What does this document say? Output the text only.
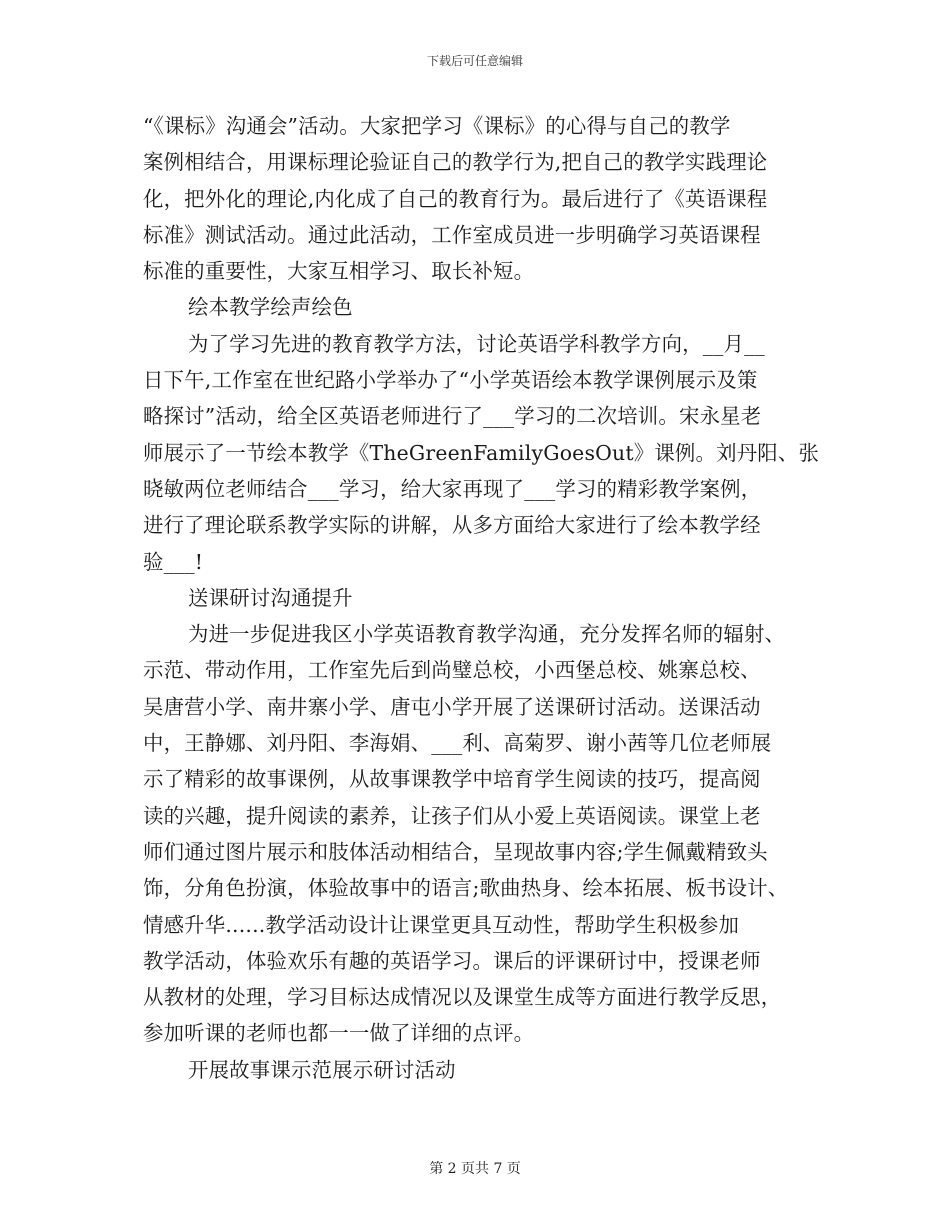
下载后可任意编辑
“《课标》沟通会”活动。大家把学习《课标》的心得与自己的教学
案例相结合，用课标理论验证自己的教学行为,把自己的教学实践理论
化，把外化的理论,内化成了自己的教育行为。最后进行了《英语课程
标准》测试活动。通过此活动，工作室成员进一步明确学习英语课程
标准的重要性，大家互相学习、取长补短。
绘本教学绘声绘色
为了学习先进的教育教学方法，讨论英语学科教学方向，__月__
日下午,工作室在世纪路小学举办了“小学英语绘本教学课例展示及策
略探讨”活动，给全区英语老师进行了___学习的二次培训。宋永星老
师展示了一节绘本教学《TheGreenFamilyGoesOut》课例。刘丹阳、张
晓敏两位老师结合___学习，给大家再现了___学习的精彩教学案例，
进行了理论联系教学实际的讲解，从多方面给大家进行了绘本教学经
验___!
送课研讨沟通提升
为进一步促进我区小学英语教育教学沟通，充分发挥名师的辐射、
示范、带动作用，工作室先后到尚璧总校，小西堡总校、姚寨总校、
吴唐营小学、南井寨小学、唐屯小学开展了送课研讨活动。送课活动
中，王静娜、刘丹阳、李海娟、___利、高菊罗、谢小茜等几位老师展
示了精彩的故事课例，从故事课教学中培育学生阅读的技巧，提高阅
读的兴趣，提升阅读的素养，让孩子们从小爱上英语阅读。课堂上老
师们通过图片展示和肢体活动相结合，呈现故事内容;学生佩戴精致头
饰，分角色扮演，体验故事中的语言;歌曲热身、绘本拓展、板书设计、
情感升华......教学活动设计让课堂更具互动性，帮助学生积极参加
教学活动，体验欢乐有趣的英语学习。课后的评课研讨中，授课老师
从教材的处理，学习目标达成情况以及课堂生成等方面进行教学反思，
参加听课的老师也都一一做了详细的点评。
开展故事课示范展示研讨活动
第 2 页共 7 页
